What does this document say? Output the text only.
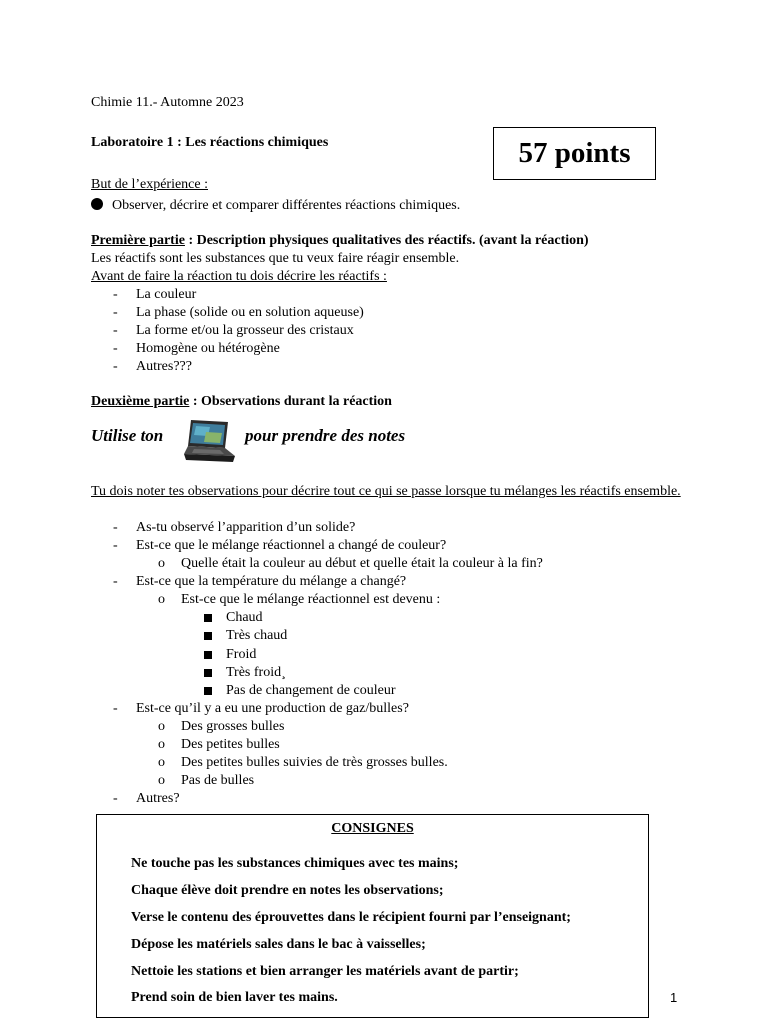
Chimie 11.- Automne 2023
Laboratoire 1 : Les réactions chimiques	57 points
But de l’expérience :
Observer, décrire et comparer différentes réactions chimiques.
Première partie : Description physiques qualitatives des réactifs. (avant la réaction)
Les réactifs sont les substances que tu veux faire réagir ensemble.
Avant de faire la réaction tu dois décrire les réactifs :
- La couleur
- La phase (solide ou en solution aqueuse)
- La forme et/ou la grosseur des cristaux
- Homogène ou hétérogène
- Autres???
Deuxième partie : Observations durant la réaction
Utilise ton	pour prendre des notes
Tu dois noter tes observations pour décrire tout ce qui se passe lorsque tu mélanges les réactifs ensemble.
- As-tu observé l’apparition d’un solide?
- Est-ce que le mélange réactionnel a changé de couleur?
o Quelle était la couleur au début et quelle était la couleur à la fin?
- Est-ce que la température du mélange a changé?
o Est-ce que le mélange réactionnel est devenu :
Chaud
Très chaud
Froid
Très froid¸
Pas de changement de couleur
- Est-ce qu’il y a eu une production de gaz/bulles?
o Des grosses bulles
o Des petites bulles
o Des petites bulles suivies de très grosses bulles.
o Pas de bulles
- Autres?
CONSIGNES
Ne touche pas les substances chimiques avec tes mains;
Chaque élève doit prendre en notes les observations;
Verse le contenu des éprouvettes dans le récipient fourni par l’enseignant;
Dépose les matériels sales dans le bac à vaisselles;
Nettoie les stations et bien arranger les matériels avant de partir;
Prend soin de bien laver tes mains.	1
